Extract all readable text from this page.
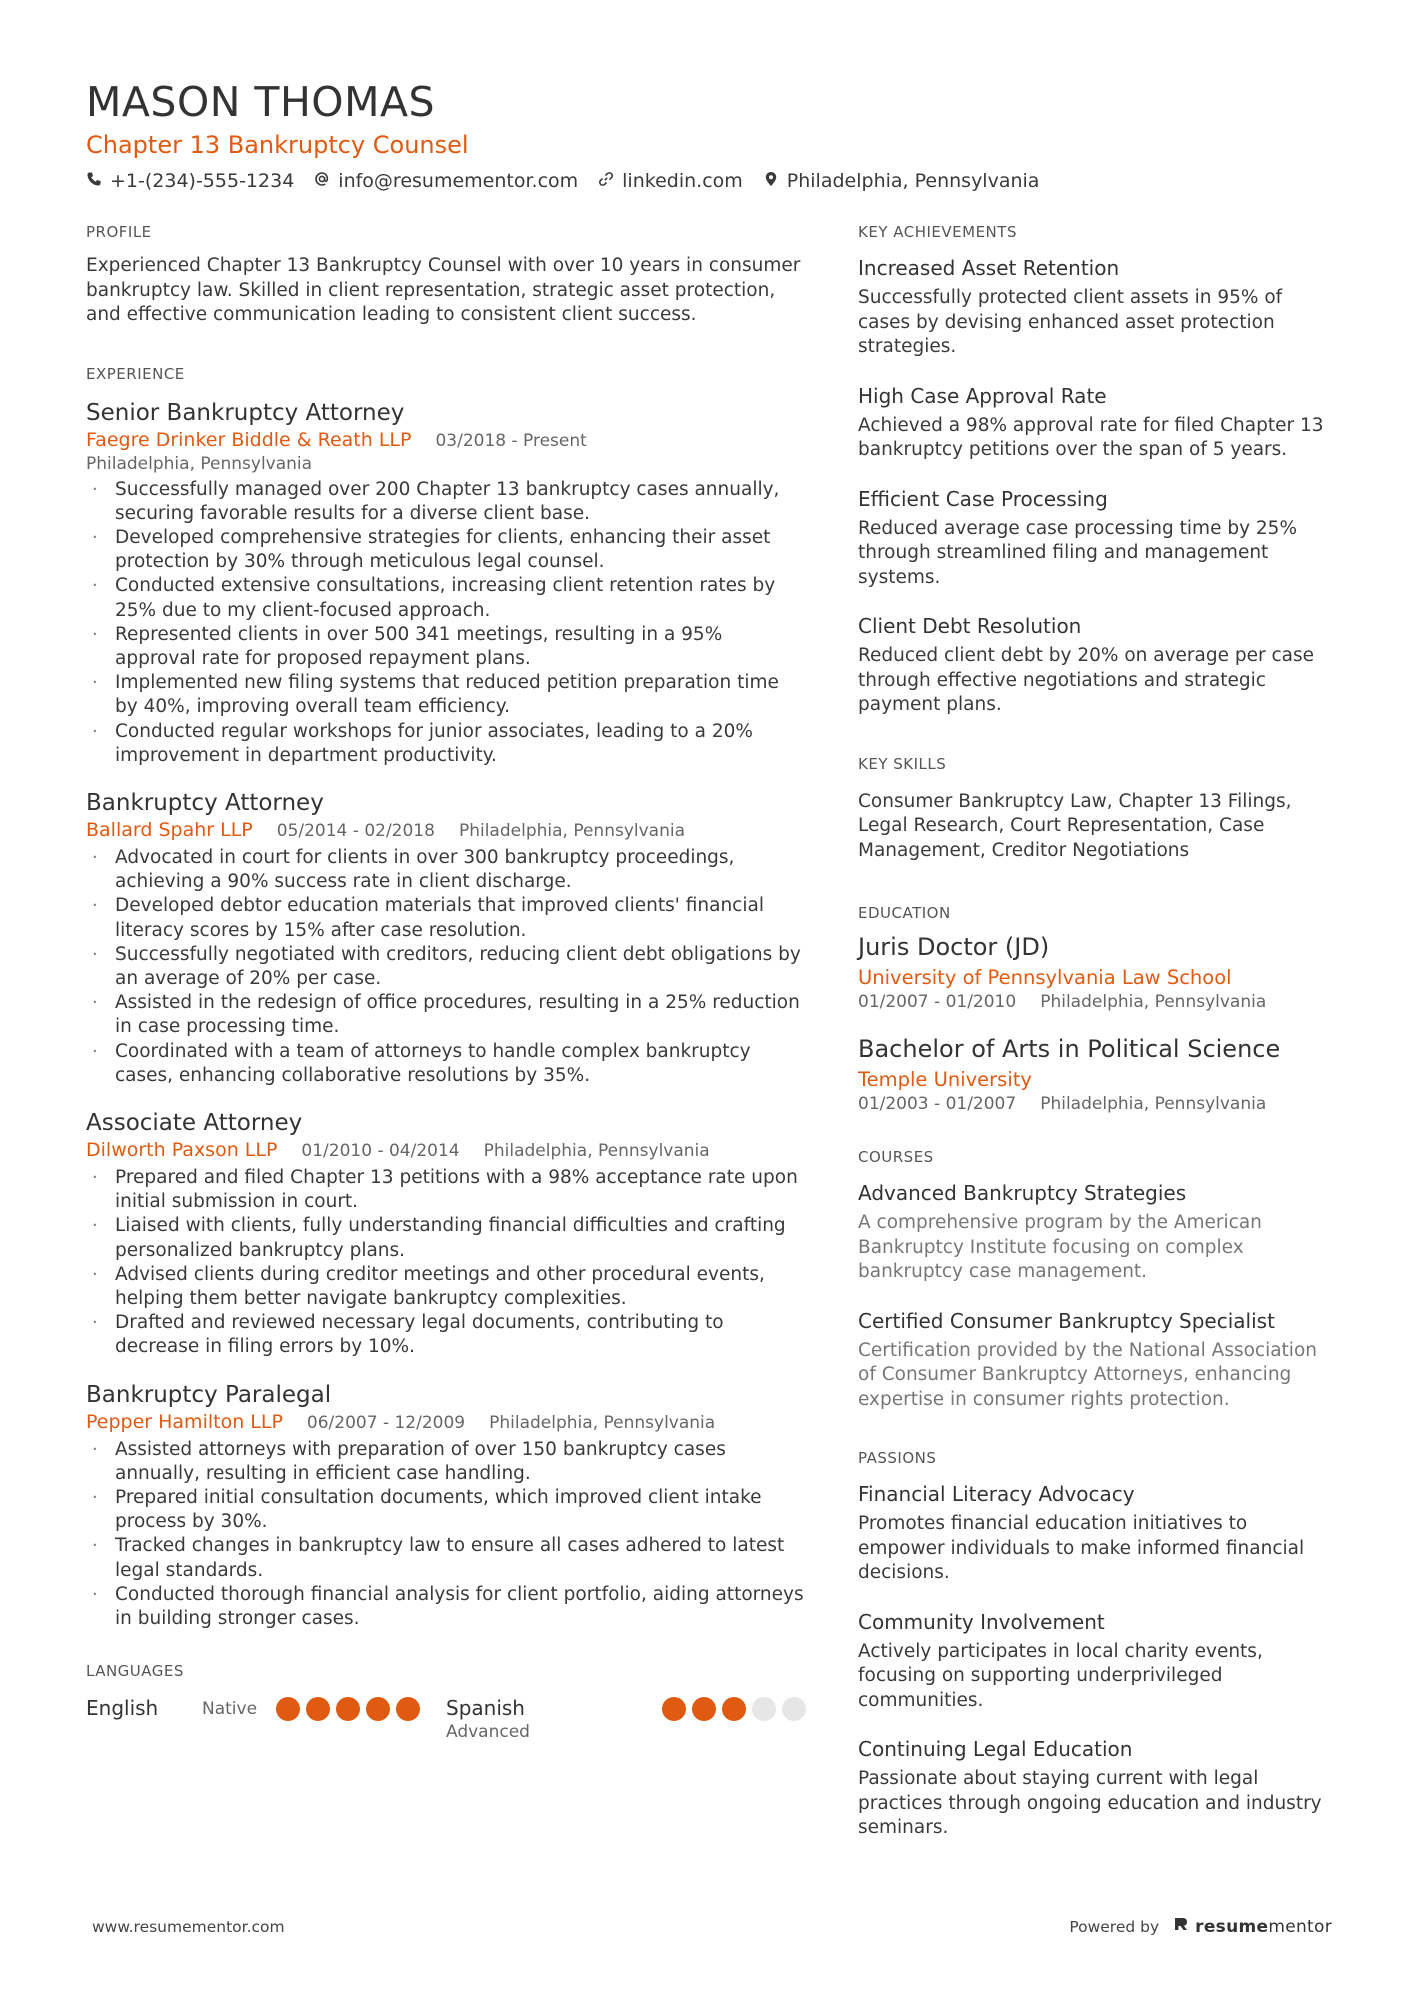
MASON THOMAS
Chapter 13 Bankruptcy Counsel
+1-(234)-555-1234 info@resumementor.com linkedin.com Philadelphia, Pennsylvania
PROFILE
Experienced Chapter 13 Bankruptcy Counsel with over 10 years in consumer bankruptcy law. Skilled in client representation, strategic asset protection, and effective communication leading to consistent client success.
EXPERIENCE
Senior Bankruptcy Attorney
Faegre Drinker Biddle & Reath LLP 03/2018 - Present
Philadelphia, Pennsylvania
· Successfully managed over 200 Chapter 13 bankruptcy cases annually, securing favorable results for a diverse client base.
· Developed comprehensive strategies for clients, enhancing their asset protection by 30% through meticulous legal counsel.
· Conducted extensive consultations, increasing client retention rates by 25% due to my client-focused approach.
· Represented clients in over 500 341 meetings, resulting in a 95% approval rate for proposed repayment plans.
· Implemented new filing systems that reduced petition preparation time by 40%, improving overall team efficiency.
· Conducted regular workshops for junior associates, leading to a 20% improvement in department productivity.
Bankruptcy Attorney
Ballard Spahr LLP 05/2014 - 02/2018 Philadelphia, Pennsylvania
· Advocated in court for clients in over 300 bankruptcy proceedings, achieving a 90% success rate in client discharge.
· Developed debtor education materials that improved clients' financial literacy scores by 15% after case resolution.
· Successfully negotiated with creditors, reducing client debt obligations by an average of 20% per case.
· Assisted in the redesign of office procedures, resulting in a 25% reduction in case processing time.
· Coordinated with a team of attorneys to handle complex bankruptcy cases, enhancing collaborative resolutions by 35%.
Associate Attorney
Dilworth Paxson LLP 01/2010 - 04/2014 Philadelphia, Pennsylvania
· Prepared and filed Chapter 13 petitions with a 98% acceptance rate upon initial submission in court.
· Liaised with clients, fully understanding financial difficulties and crafting personalized bankruptcy plans.
· Advised clients during creditor meetings and other procedural events, helping them better navigate bankruptcy complexities.
· Drafted and reviewed necessary legal documents, contributing to decrease in filing errors by 10%.
Bankruptcy Paralegal
Pepper Hamilton LLP 06/2007 - 12/2009 Philadelphia, Pennsylvania
· Assisted attorneys with preparation of over 150 bankruptcy cases annually, resulting in efficient case handling.
· Prepared initial consultation documents, which improved client intake process by 30%.
· Tracked changes in bankruptcy law to ensure all cases adhered to latest legal standards.
· Conducted thorough financial analysis for client portfolio, aiding attorneys in building stronger cases.
LANGUAGES
English	Native	Spanish
Advanced
KEY ACHIEVEMENTS
Increased Asset Retention
Successfully protected client assets in 95% of cases by devising enhanced asset protection strategies.
High Case Approval Rate
Achieved a 98% approval rate for filed Chapter 13 bankruptcy petitions over the span of 5 years.
Efficient Case Processing
Reduced average case processing time by 25% through streamlined filing and management systems.
Client Debt Resolution
Reduced client debt by 20% on average per case through effective negotiations and strategic payment plans.
KEY SKILLS
Consumer Bankruptcy Law, Chapter 13 Filings, Legal Research, Court Representation, Case Management, Creditor Negotiations
EDUCATION
Juris Doctor (JD)
University of Pennsylvania Law School
01/2007 - 01/2010 Philadelphia, Pennsylvania
Bachelor of Arts in Political Science
Temple University
01/2003 - 01/2007 Philadelphia, Pennsylvania
COURSES
Advanced Bankruptcy Strategies
A comprehensive program by the American Bankruptcy Institute focusing on complex bankruptcy case management.
Certified Consumer Bankruptcy Specialist
Certification provided by the National Association of Consumer Bankruptcy Attorneys, enhancing expertise in consumer rights protection.
PASSIONS
Financial Literacy Advocacy
Promotes financial education initiatives to empower individuals to make informed financial decisions.
Community Involvement
Actively participates in local charity events, focusing on supporting underprivileged communities.
Continuing Legal Education
Passionate about staying current with legal practices through ongoing education and industry seminars.
www.resumementor.com	Powered by resume mentor
